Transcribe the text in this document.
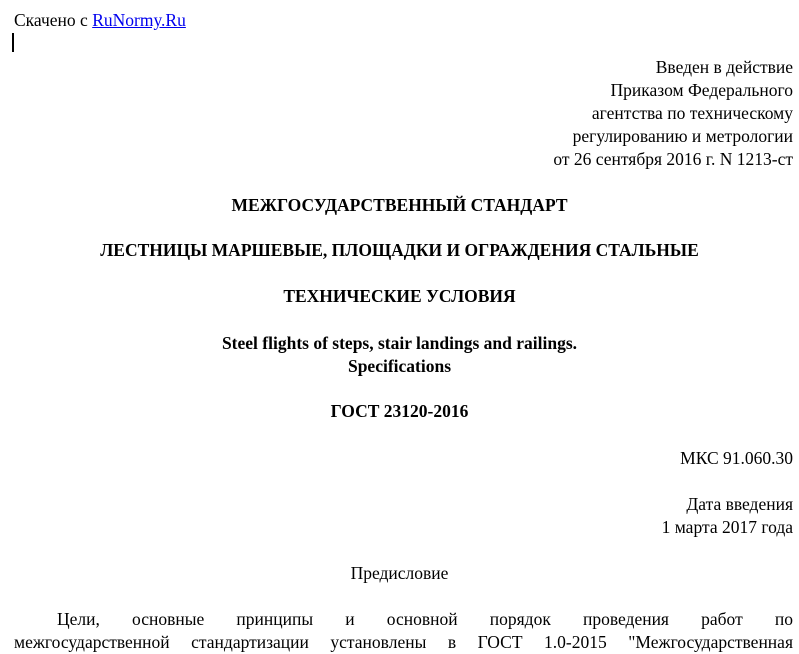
Скачено с RuNormy.Ru
Введен в действие
Приказом Федерального
агентства по техническому
регулированию и метрологии
от 26 сентября 2016 г. N 1213-ст
МЕЖГОСУДАРСТВЕННЫЙ СТАНДАРТ
ЛЕСТНИЦЫ МАРШЕВЫЕ, ПЛОЩАДКИ И ОГРАЖДЕНИЯ СТАЛЬНЫЕ
ТЕХНИЧЕСКИЕ УСЛОВИЯ
Steel flights of steps, stair landings and railings.
Specifications
ГОСТ 23120-2016
МКС 91.060.30
Дата введения
1 марта 2017 года
Предисловие
Цели, основные принципы и основной порядок проведения работ по
межгосударственной стандартизации установлены в ГОСТ 1.0-2015 "Межгосударственная
